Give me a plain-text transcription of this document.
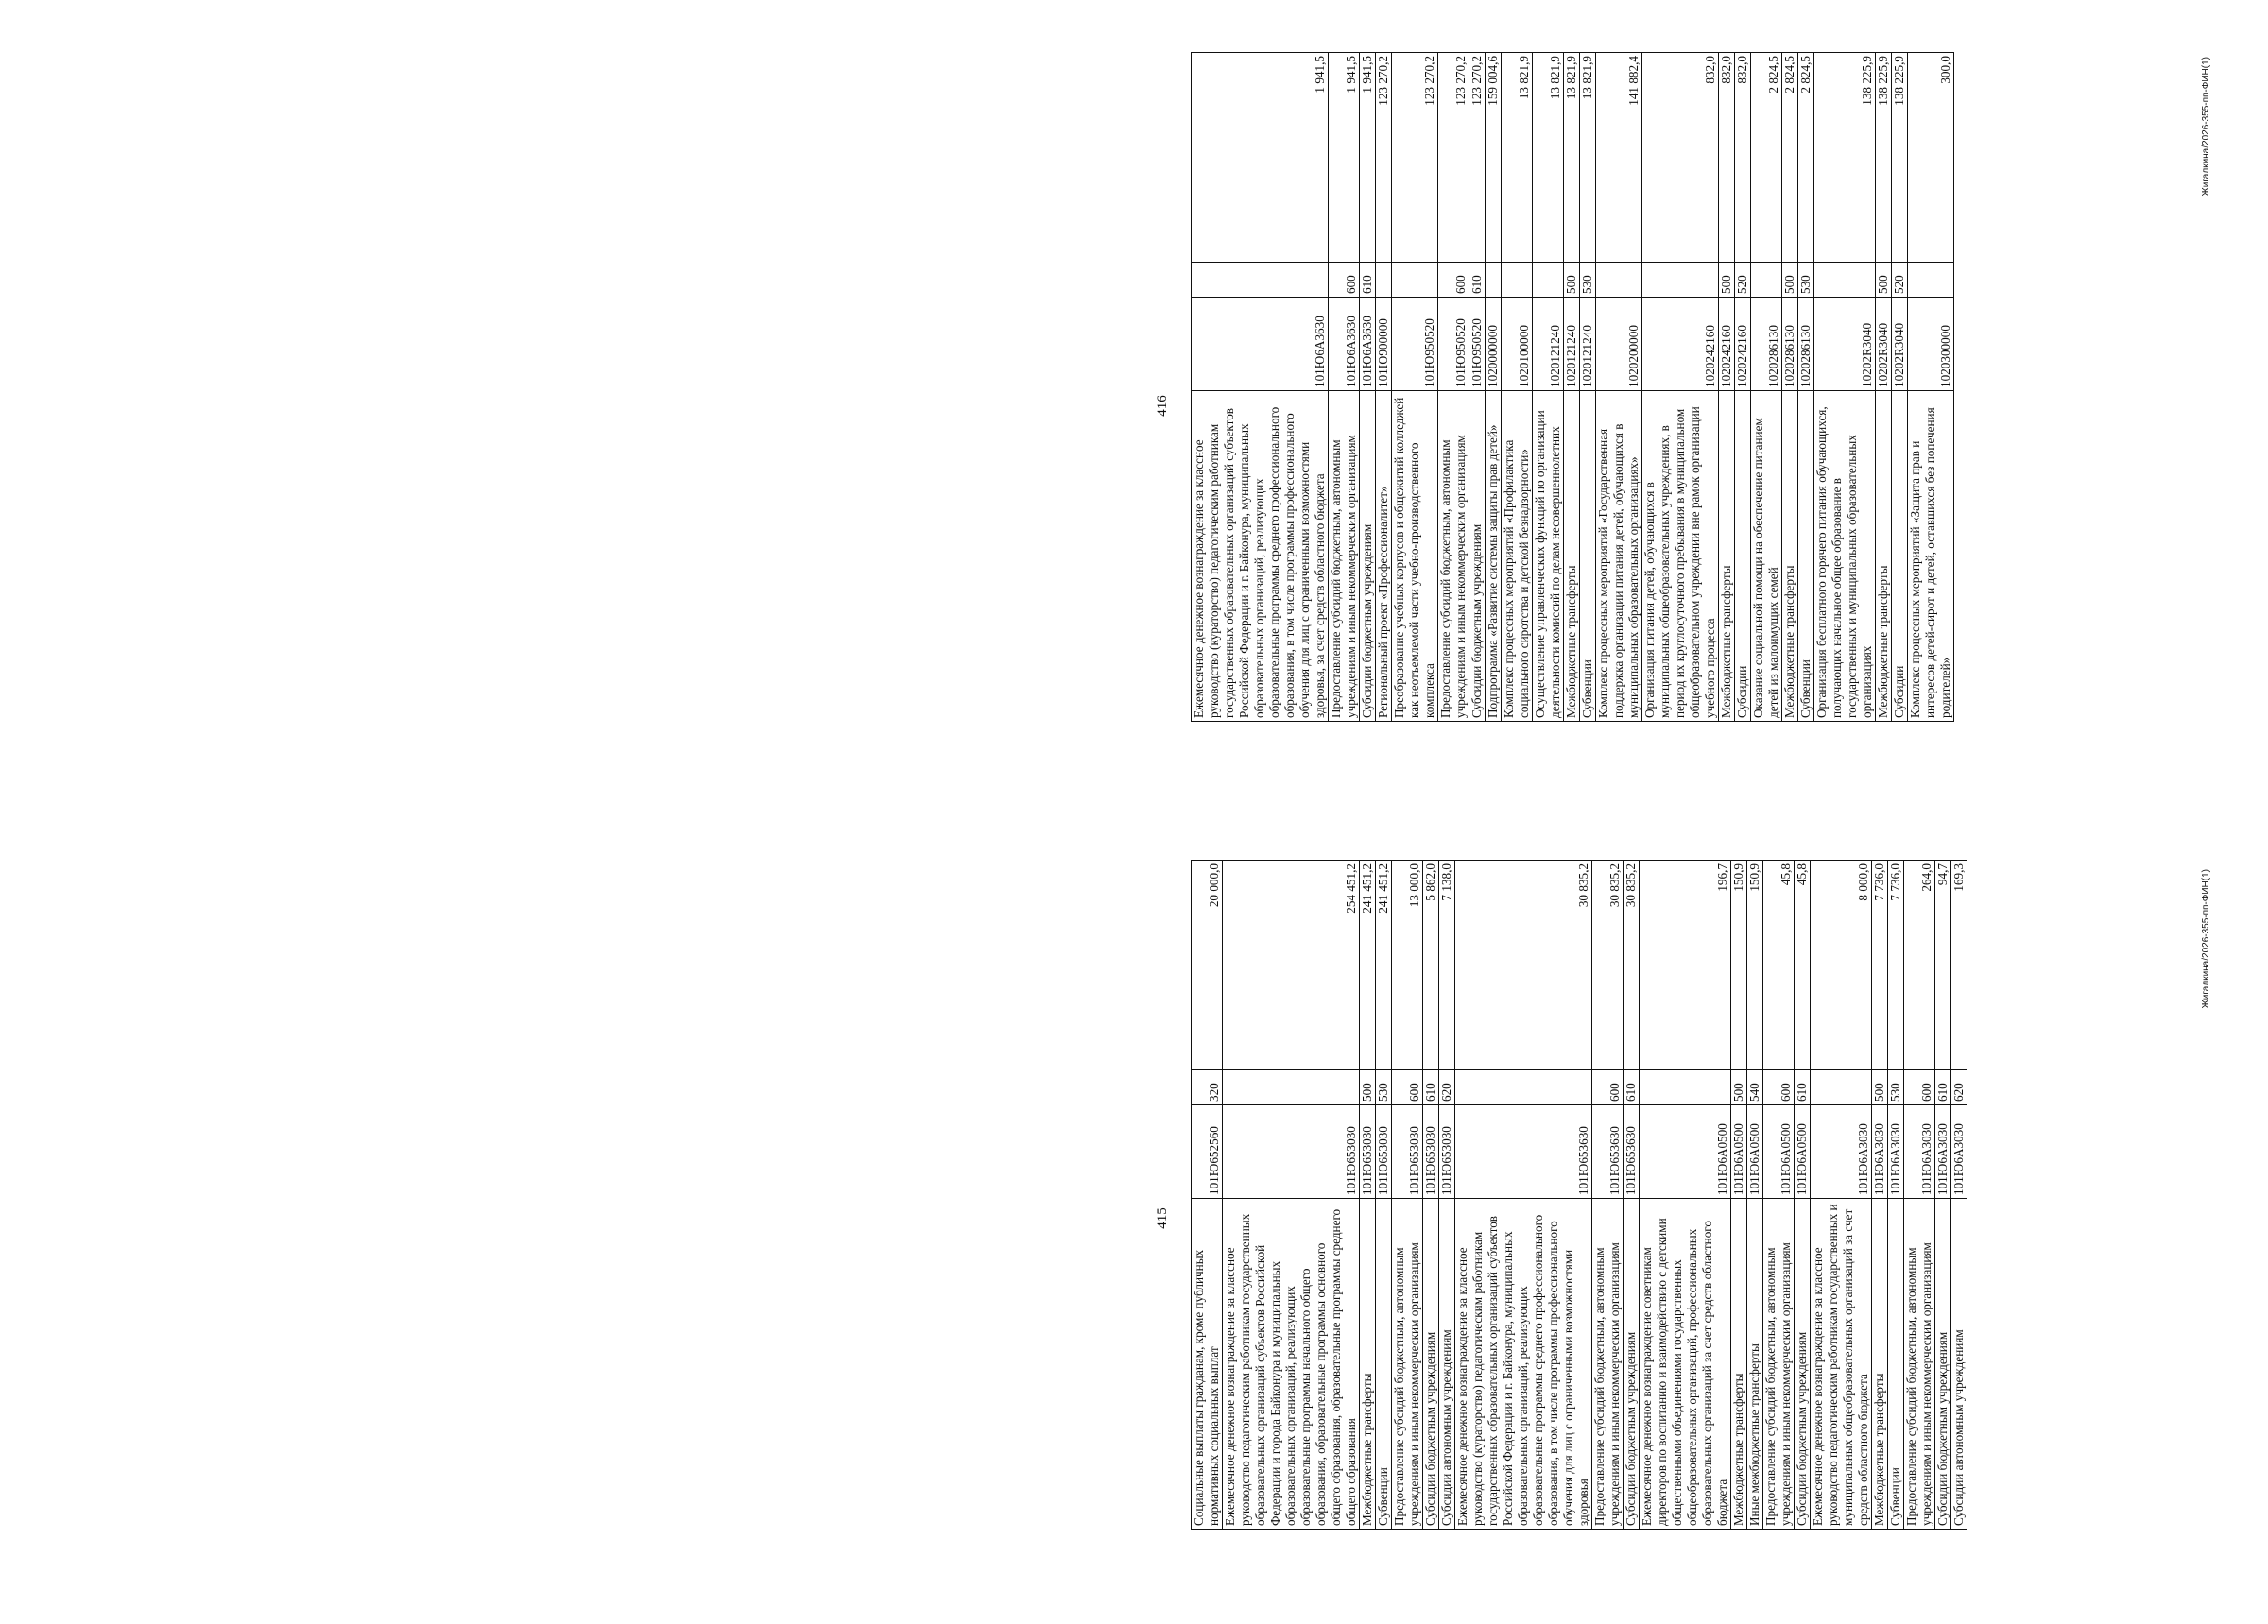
415
Социальные выплаты гражданам, кроме публичных нормативных социальных выплат	101Ю652560	320	20 000,0
Ежемесячное денежное вознаграждение за классное руководство педагогическим работникам государственных образовательных организаций субъектов Российской Федерации и города Байконура и муниципальных образовательных организаций, реализующих образовательные программы начального общего образования, образовательные программы основного общего образования, образовательные программы среднего общего образования	101Ю653030		254 451,2
Межбюджетные трансферты	101Ю653030	500	241 451,2
Субвенции	101Ю653030	530	241 451,2
Предоставление субсидий бюджетным, автономным учреждениям и иным некоммерческим организациям	101Ю653030	600	13 000,0
Субсидии бюджетным учреждениям	101Ю653030	610	5 862,0
Субсидии автономным учреждениям	101Ю653030	620	7 138,0
Ежемесячное денежное вознаграждение за классное руководство (кураторство) педагогическим работникам государственных образовательных организаций субъектов Российской Федерации и г. Байконура, муниципальных образовательных организаций, реализующих образовательные программы среднего профессионального образования, в том числе программы профессионального обучения для лиц с ограниченными возможностями здоровья	101Ю653630		30 835,2
Предоставление субсидий бюджетным, автономным учреждениям и иным некоммерческим организациям	101Ю653630	600	30 835,2
Субсидии бюджетным учреждениям	101Ю653630	610	30 835,2
Ежемесячное денежное вознаграждение советникам директоров по воспитанию и взаимодействию с детскими общественными объединениями государственных общеобразовательных организаций, профессиональных образовательных организаций за счет средств областного бюджета	101Ю6А0500		196,7
Межбюджетные трансферты	101Ю6А0500	500	150,9
Иные межбюджетные трансферты	101Ю6А0500	540	150,9
Предоставление субсидий бюджетным, автономным учреждениям и иным некоммерческим организациям	101Ю6А0500	600	45,8
Субсидии бюджетным учреждениям	101Ю6А0500	610	45,8
Ежемесячное денежное вознаграждение за классное руководство педагогическим работникам государственных и муниципальных общеобразовательных организаций за счет средств областного бюджета	101Ю6А3030		8 000,0
Межбюджетные трансферты	101Ю6А3030	500	7 736,0
Субвенции	101Ю6А3030	530	7 736,0
Предоставление субсидий бюджетным, автономным учреждениям и иным некоммерческим организациям	101Ю6А3030	600	264,0
Субсидии бюджетным учреждениям	101Ю6А3030	610	94,7
Субсидии автономным учреждениям	101Ю6А3030	620	169,3	Жигалкина/2026-355-пп-ФИН(1)
416
Ежемесячное денежное вознаграждение за классное руководство (кураторство) педагогическим работникам государственных образовательных организаций субъектов Российской Федерации и г. Байконура, муниципальных образовательных организаций, реализующих образовательные программы среднего профессионального образования, в том числе программы профессионального обучения для лиц с ограниченными возможностями здоровья, за счет средств областного бюджета	101Ю6А3630		1 941,5
Предоставление субсидий бюджетным, автономным учреждениям и иным некоммерческим организациям	101Ю6А3630	600	1 941,5
Субсидии бюджетным учреждениям	101Ю6А3630	610	1 941,5
Региональный проект «Профессионалитет»	101Ю900000		123 270,2
Преобразование учебных корпусов и общежитий колледжей как неотъемлемой части учебно-производственного комплекса	101Ю950520		123 270,2
Предоставление субсидий бюджетным, автономным учреждениям и иным некоммерческим организациям	101Ю950520	600	123 270,2
Субсидии бюджетным учреждениям	101Ю950520	610	123 270,2
Подпрограмма «Развитие системы защиты прав детей»	1020000000		159 004,6
Комплекс процессных мероприятий «Профилактика социального сиротства и детской безнадзорности»	1020100000		13 821,9
Осуществление управленческих функций по организации деятельности комиссий по делам несовершеннолетних	1020121240		13 821,9
Межбюджетные трансферты	1020121240	500	13 821,9
Субвенции	1020121240	530	13 821,9
Комплекс процессных мероприятий «Государственная поддержка организации питания детей, обучающихся в муниципальных образовательных организациях»	1020200000		141 882,4
Организация питания детей, обучающихся в муниципальных общеобразовательных учреждениях, в период их круглосуточного пребывания в муниципальном общеобразовательном учреждении вне рамок организации учебного процесса	1020242160		832,0
Межбюджетные трансферты	1020242160	500	832,0
Субсидии	1020242160	520	832,0
Оказание социальной помощи на обеспечение питанием детей из малоимущих семей	1020286130		2 824,5
Межбюджетные трансферты	1020286130	500	2 824,5
Субвенции	1020286130	530	2 824,5
Организация бесплатного горячего питания обучающихся, получающих начальное общее образование в государственных и муниципальных образовательных организациях	10202R3040		138 225,9
Межбюджетные трансферты	10202R3040	500	138 225,9
Субсидии	10202R3040	520	138 225,9
Комплекс процессных мероприятий «Защита прав и интересов детей-сирот и детей, оставшихся без попечения родителей»	1020300000		300,0	Жигалкина/2026-355-пп-ФИН(1)
